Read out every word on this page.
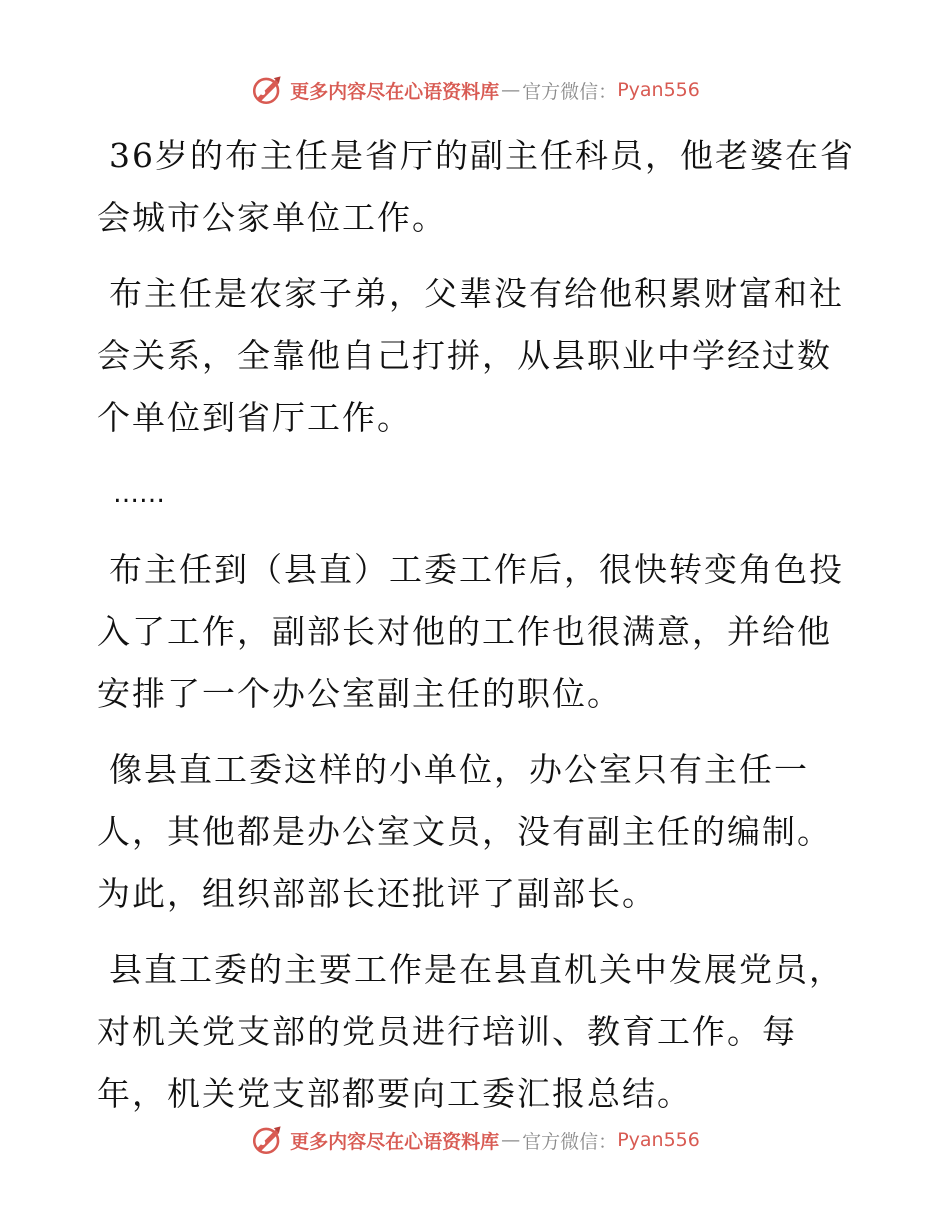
更多内容尽在心语资料库 — 官方微信： Pyan556

36岁的布主任是省厅的副主任科员，他老婆在省会城市公家单位工作。

布主任是农家子弟，父辈没有给他积累财富和社会关系，全靠他自己打拼，从县职业中学经过数个单位到省厅工作。

……

布主任到（县直）工委工作后，很快转变角色投入了工作，副部长对他的工作也很满意，并给他安排了一个办公室副主任的职位。

像县直工委这样的小单位，办公室只有主任一人，其他都是办公室文员，没有副主任的编制。为此，组织部部长还批评了副部长。

县直工委的主要工作是在县直机关中发展党员，对机关党支部的党员进行培训、教育工作。每年，机关党支部都要向工委汇报总结。

更多内容尽在心语资料库 — 官方微信： Pyan556
